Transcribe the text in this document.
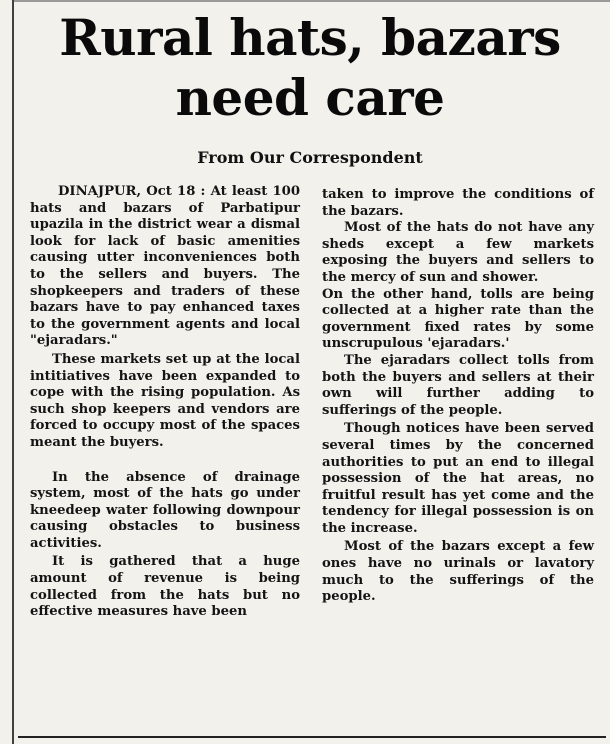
Rural hats, bazars
need care
From Our Correspondent

DINAJPUR, Oct 18 : At least 100 hats and bazars of Parbatipur upazila in the district wear a dismal look for lack of basic amenities causing utter inconveniences both to the sellers and buyers. The shopkeepers and traders of these bazars have to pay enhanced taxes to the government agents and local "ejaradars."

These markets set up at the local intitiatives have been expanded to cope with the rising population. As such shop keepers and vendors are forced to occupy most of the spaces meant the buyers.

In the absence of drainage system, most of the hats go under kneedeep water following downpour causing obstacles to business activities.

It is gathered that a huge amount of revenue is being collected from the hats but no effective measures have been

taken to improve the conditions of the bazars.

Most of the hats do not have any sheds except a few markets exposing the buyers and sellers to the mercy of sun and shower.

On the other hand, tolls are being collected at a higher rate than the government fixed rates by some unscrupulous 'ejaradars.'

The ejaradars collect tolls from both the buyers and sellers at their own will further adding to sufferings of the people.

Though notices have been served several times by the concerned authorities to put an end to illegal possession of the hat areas, no fruitful result has yet come and the tendency for illegal possession is on the increase.

Most of the bazars except a few ones have no urinals or lavatory much to the sufferings of the people.
